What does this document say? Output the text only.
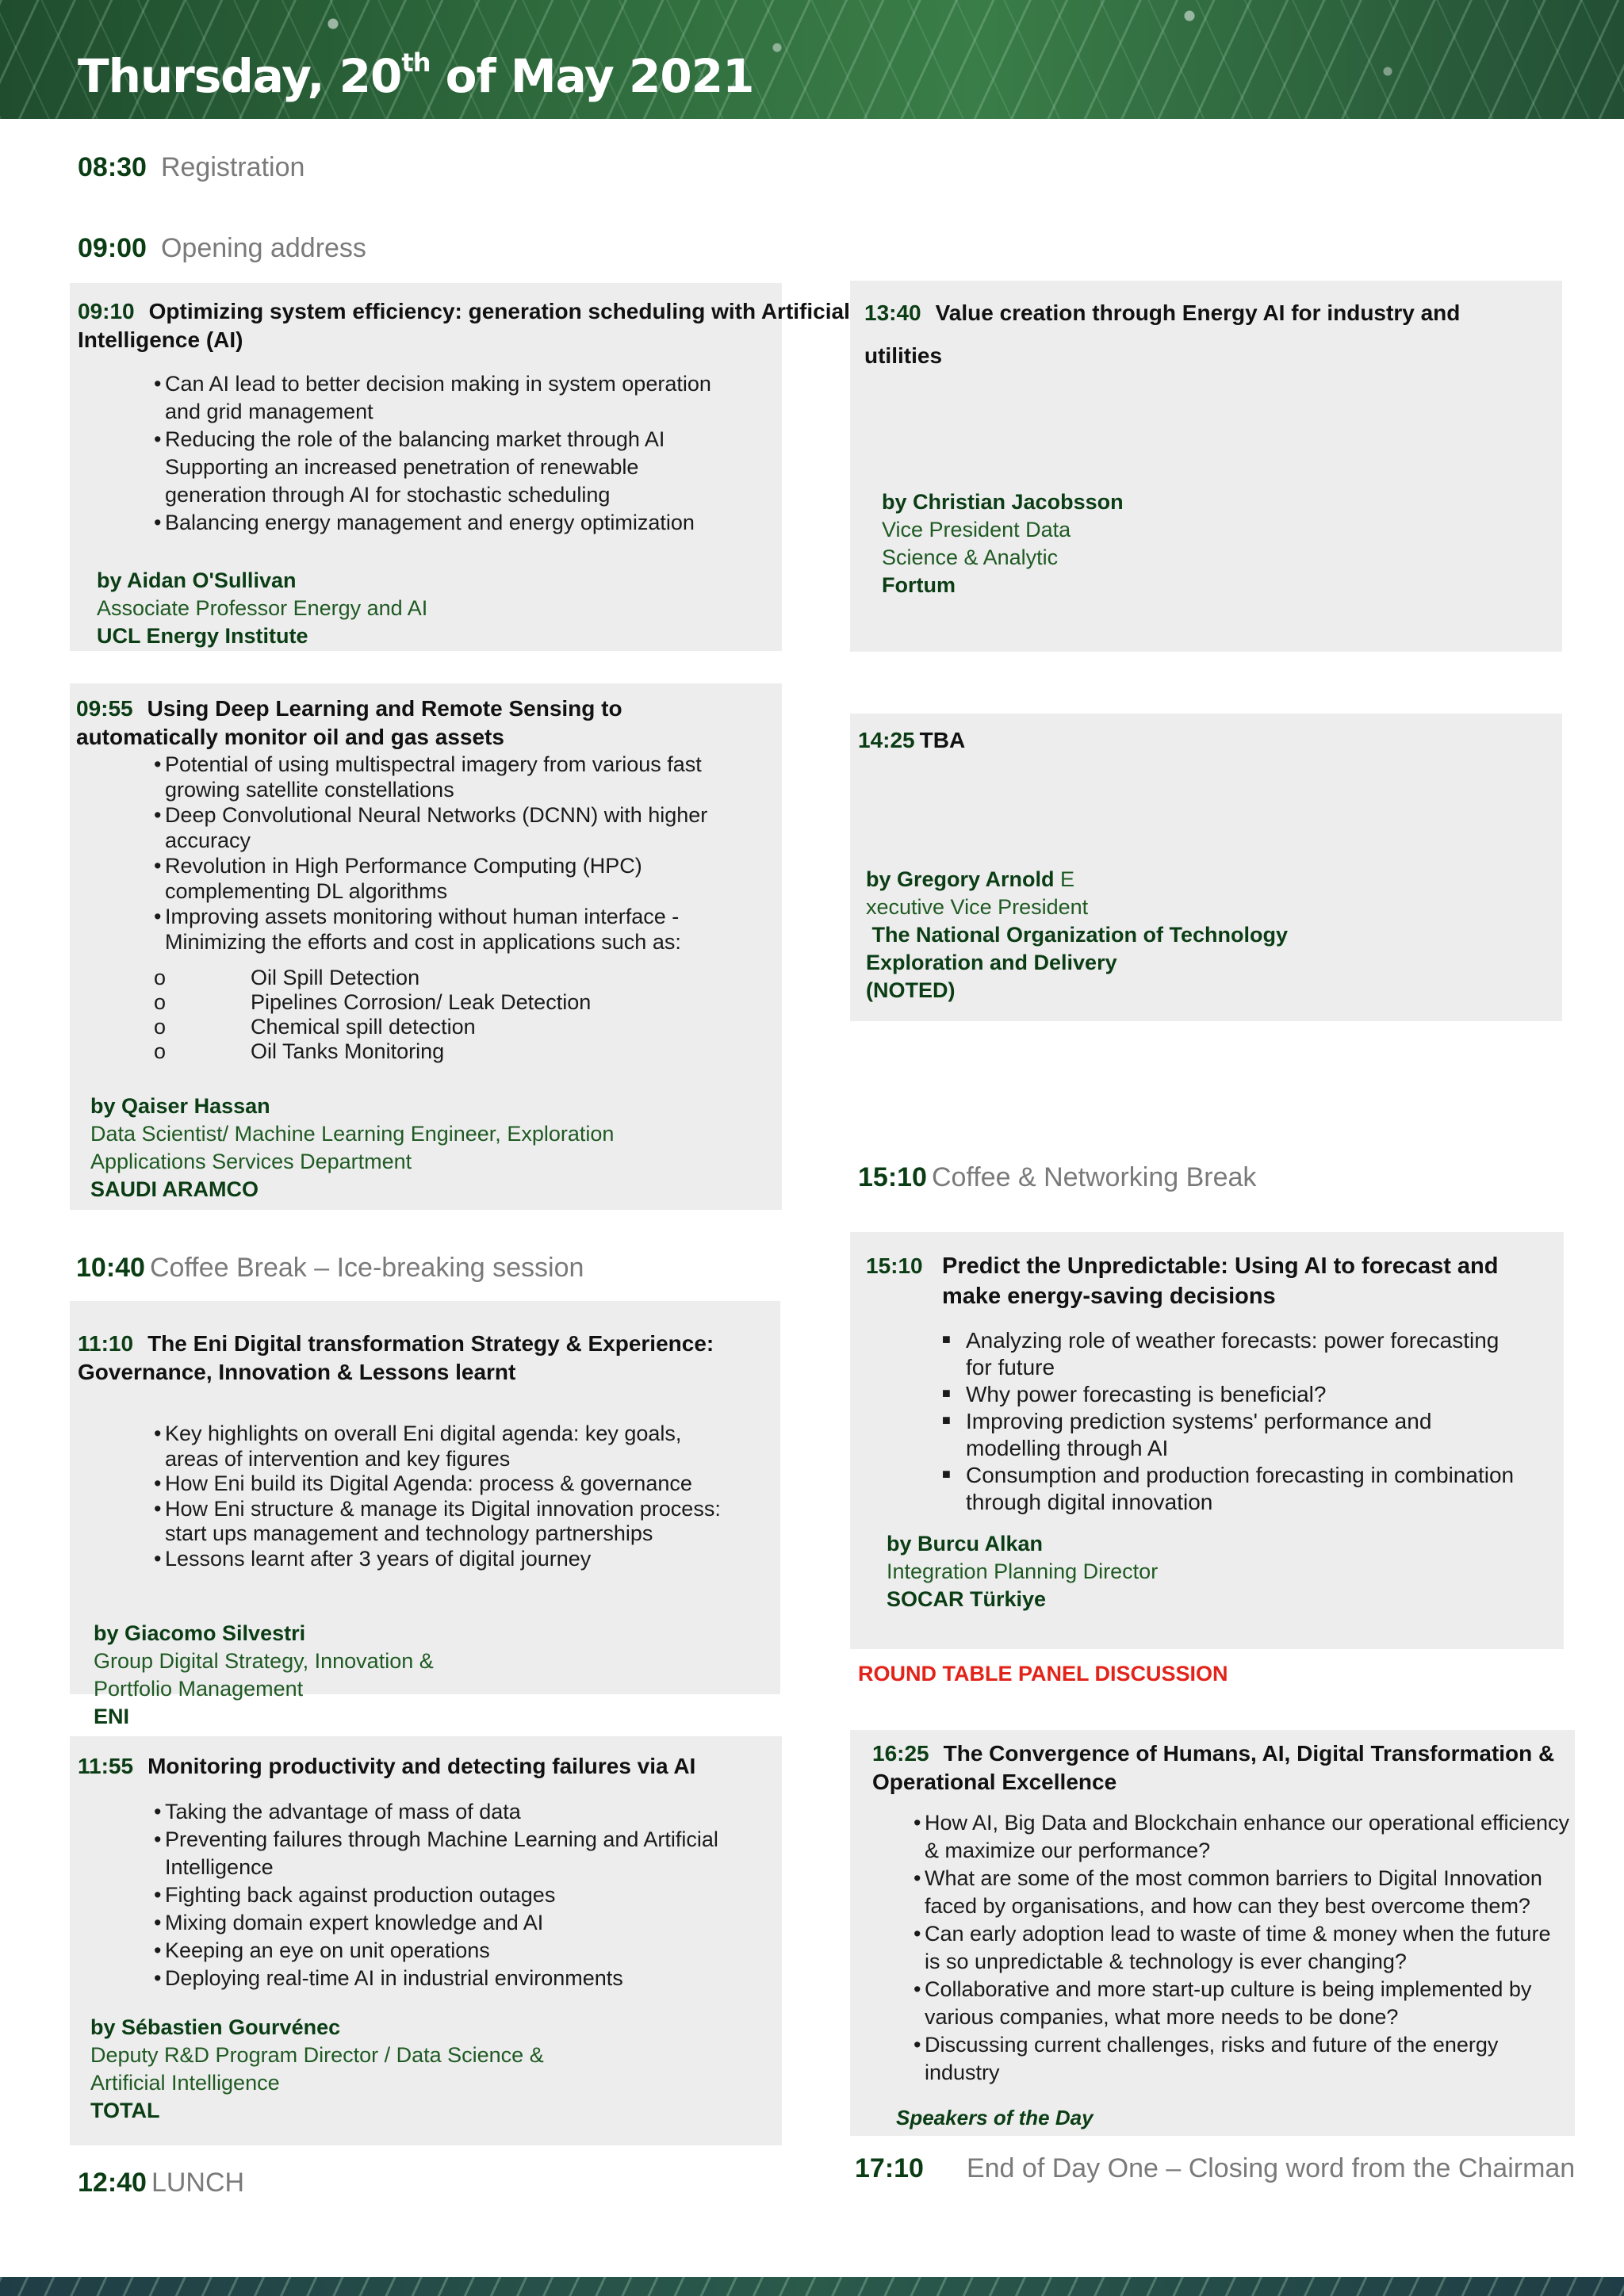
Thursday, 20th of May 2021
08:30 Registration
09:00 Opening address
09:10 Optimizing system efficiency: generation scheduling with Artificial Intelligence (AI)
• Can AI lead to better decision making in system operation and grid management
• Reducing the role of the balancing market through AI Supporting an increased penetration of renewable generation through AI for stochastic scheduling
• Balancing energy management and energy optimization
by Aidan O'Sullivan
Associate Professor Energy and AI
UCL Energy Institute
09:55 Using Deep Learning and Remote Sensing to automatically monitor oil and gas assets
• Potential of using multispectral imagery from various fast growing satellite constellations
• Deep Convolutional Neural Networks (DCNN) with higher accuracy
• Revolution in High Performance Computing (HPC) complementing DL algorithms
• Improving assets monitoring without human interface - Minimizing the efforts and cost in applications such as:
o	Oil Spill Detection
o	Pipelines Corrosion/ Leak Detection
o	Chemical spill detection
o	Oil Tanks Monitoring
by Qaiser Hassan
Data Scientist/ Machine Learning Engineer, Exploration Applications Services Department
SAUDI ARAMCO
10:40 Coffee Break – Ice-breaking session
11:10 The Eni Digital transformation Strategy & Experience: Governance, Innovation & Lessons learnt
• Key highlights on overall Eni digital agenda: key goals, areas of intervention and key figures
• How Eni build its Digital Agenda: process & governance
• How Eni structure & manage its Digital innovation process: start ups management and technology partnerships
• Lessons learnt after 3 years of digital journey
by Giacomo Silvestri
Group Digital Strategy, Innovation & Portfolio Management
ENI
11:55 Monitoring productivity and detecting failures via AI
• Taking the advantage of mass of data
• Preventing failures through Machine Learning and Artificial Intelligence
• Fighting back against production outages
• Mixing domain expert knowledge and AI
• Keeping an eye on unit operations
• Deploying real-time AI in industrial environments
by Sébastien Gourvénec
Deputy R&D Program Director / Data Science & Artificial Intelligence
TOTAL
12:40 LUNCH
13:40 Value creation through Energy AI for industry and utilities
by Christian Jacobsson
Vice President Data Science & Analytic
Fortum
14:25 TBA
by Gregory Arnold E
xecutive Vice President
The National Organization of Technology Exploration and Delivery
(NOTED)
15:10 Coffee & Networking Break
15:10 Predict the Unpredictable: Using AI to forecast and make energy-saving decisions
■ Analyzing role of weather forecasts: power forecasting for future
■ Why power forecasting is beneficial?
■ Improving prediction systems' performance and modelling through AI
■ Consumption and production forecasting in combination through digital innovation
by Burcu Alkan
Integration Planning Director
SOCAR Türkiye
ROUND TABLE PANEL DISCUSSION
16:25 The Convergence of Humans, AI, Digital Transformation & Operational Excellence
• How AI, Big Data and Blockchain enhance our operational efficiency & maximize our performance?
• What are some of the most common barriers to Digital Innovation faced by organisations, and how can they best overcome them?
• Can early adoption lead to waste of time & money when the future is so unpredictable & technology is ever changing?
• Collaborative and more start-up culture is being implemented by various companies, what more needs to be done?
• Discussing current challenges, risks and future of the energy industry
Speakers of the Day
17:10 End of Day One – Closing word from the Chairman
